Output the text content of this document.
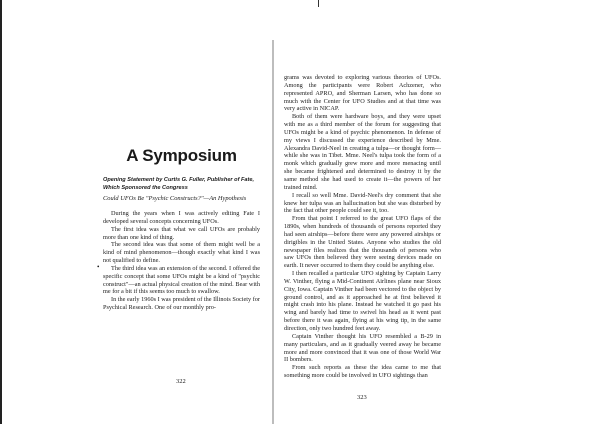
A Symposium
Opening Statement by Curtis G. Fuller, Publisher of Fate,
Which Sponsored the Congress
Could UFOs Be "Psychic Constructs?"—An Hypothesis
•

During the years when I was actively editing Fate I developed several concepts concerning UFOs.

The first idea was that what we call UFOs are probably more than one kind of thing.

The second idea was that some of them might well be a kind of mind phenomenon—though exactly what kind I was not qualified to define.

The third idea was an extension of the second. I offered the specific concept that some UFOs might be a kind of "psychic construct"—an actual physical creation of the mind. Bear with me for a bit if this seems too much to swallow.

In the early 1960s I was president of the Illinois Society for Psychical Research. One of our monthly pro-

322

grams was devoted to exploring various theories of UFOs. Among the participants were Robert Achzener, who represented APRO, and Sherman Larsen, who has done so much with the Center for UFO Studies and at that time was very active in NICAP.

Both of them were hardware boys, and they were upset with me as a third member of the forum for suggesting that UFOs might be a kind of psychic phenomenon. In defense of my views I discussed the experience described by Mme. Alexandra David-Neel in creating a tulpa—or thought form—while she was in Tibet. Mme. Neel's tulpa took the form of a monk which gradually grew more and more menacing until she became frightened and determined to destroy it by the same method she had used to create it—the powers of her trained mind.

I recall so well Mme. David-Neel's dry comment that she knew her tulpa was an hallucination but she was disturbed by the fact that other people could see it, too.

From that point I referred to the great UFO flaps of the 1890s, when hundreds of thousands of persons reported they had seen airships—before there were any powered airships or dirigibles in the United States. Anyone who studies the old newspaper files realizes that the thousands of persons who saw UFOs then believed they were seeing devices made on earth. It never occurred to them they could be anything else.

I then recalled a particular UFO sighting by Captain Larry W. Vinther, flying a Mid-Continent Airlines plane near Sioux City, Iowa. Captain Vinther had been vectored to the object by ground control, and as it approached he at first believed it might crash into his plane. Instead he watched it go past his wing and barely had time to swivel his head as it went past before there it was again, flying at his wing tip, in the same direction, only two hundred feet away.

Captain Vinther thought his UFO resembled a B-29 in many particulars, and as it gradually veered away he became more and more convinced that it was one of those World War II bombers.

From such reports as these the idea came to me that something more could be involved in UFO sightings than

323
